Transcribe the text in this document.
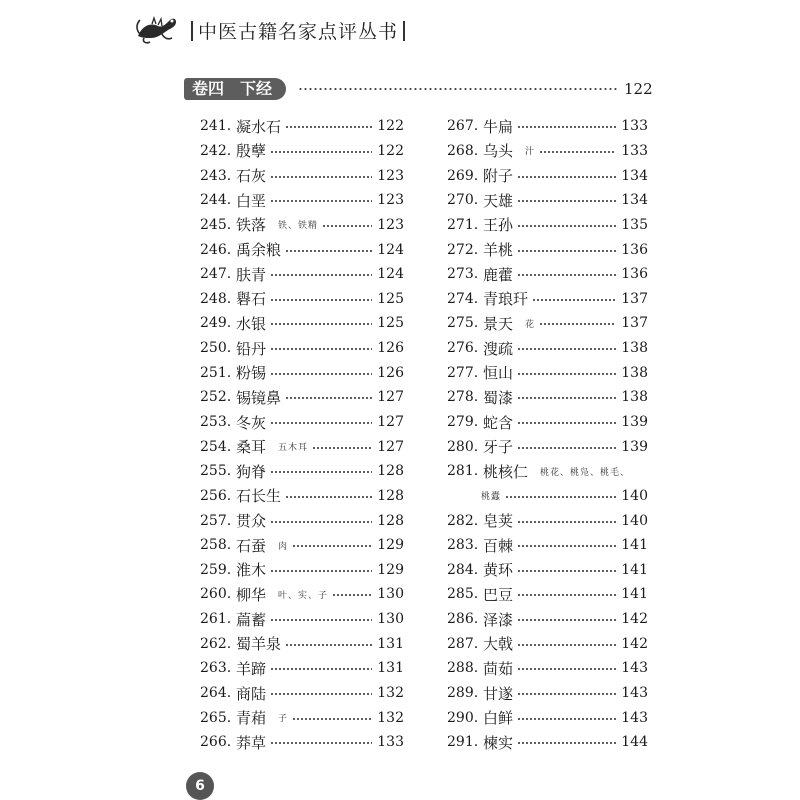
中医古籍名家点评丛书
卷四 下经	122
241. 凝水石	122
242. 殷孽	122
243. 石灰	123
244. 白垩	123
245. 铁落 铁、铁精	123
246. 禹余粮	124
247. 肤青	124
248. 礜石	125
249. 水银	125
250. 铅丹	126
251. 粉锡	126
252. 锡镜鼻	127
253. 冬灰	127
254. 桑耳 五木耳	127
255. 狗脊	128
256. 石长生	128
257. 贯众	128
258. 石蚕 肉	129
259. 淮木	129
260. 柳华 叶、实、子	130
261. 萹蓄	130
262. 蜀羊泉	131
263. 羊蹄	131
264. 商陆	132
265. 青葙 子	132
266. 莽草	133
267. 牛扁	133
268. 乌头 汁	133
269. 附子	134
270. 天雄	134
271. 王孙	135
272. 羊桃	136
273. 鹿藿	136
274. 青琅玕	137
275. 景天 花	137
276. 溲疏	138
277. 恒山	138
278. 蜀漆	138
279. 蛇含	139
280. 牙子	139
281. 桃核仁 桃花、桃凫、桃毛、
桃蠹	140
282. 皂荚	140
283. 百棘	141
284. 黄环	141
285. 巴豆	141
286. 泽漆	142
287. 大戟	142
288. 茴茹	143
289. 甘遂	143
290. 白鲜	143
291. 楝实	144
6
